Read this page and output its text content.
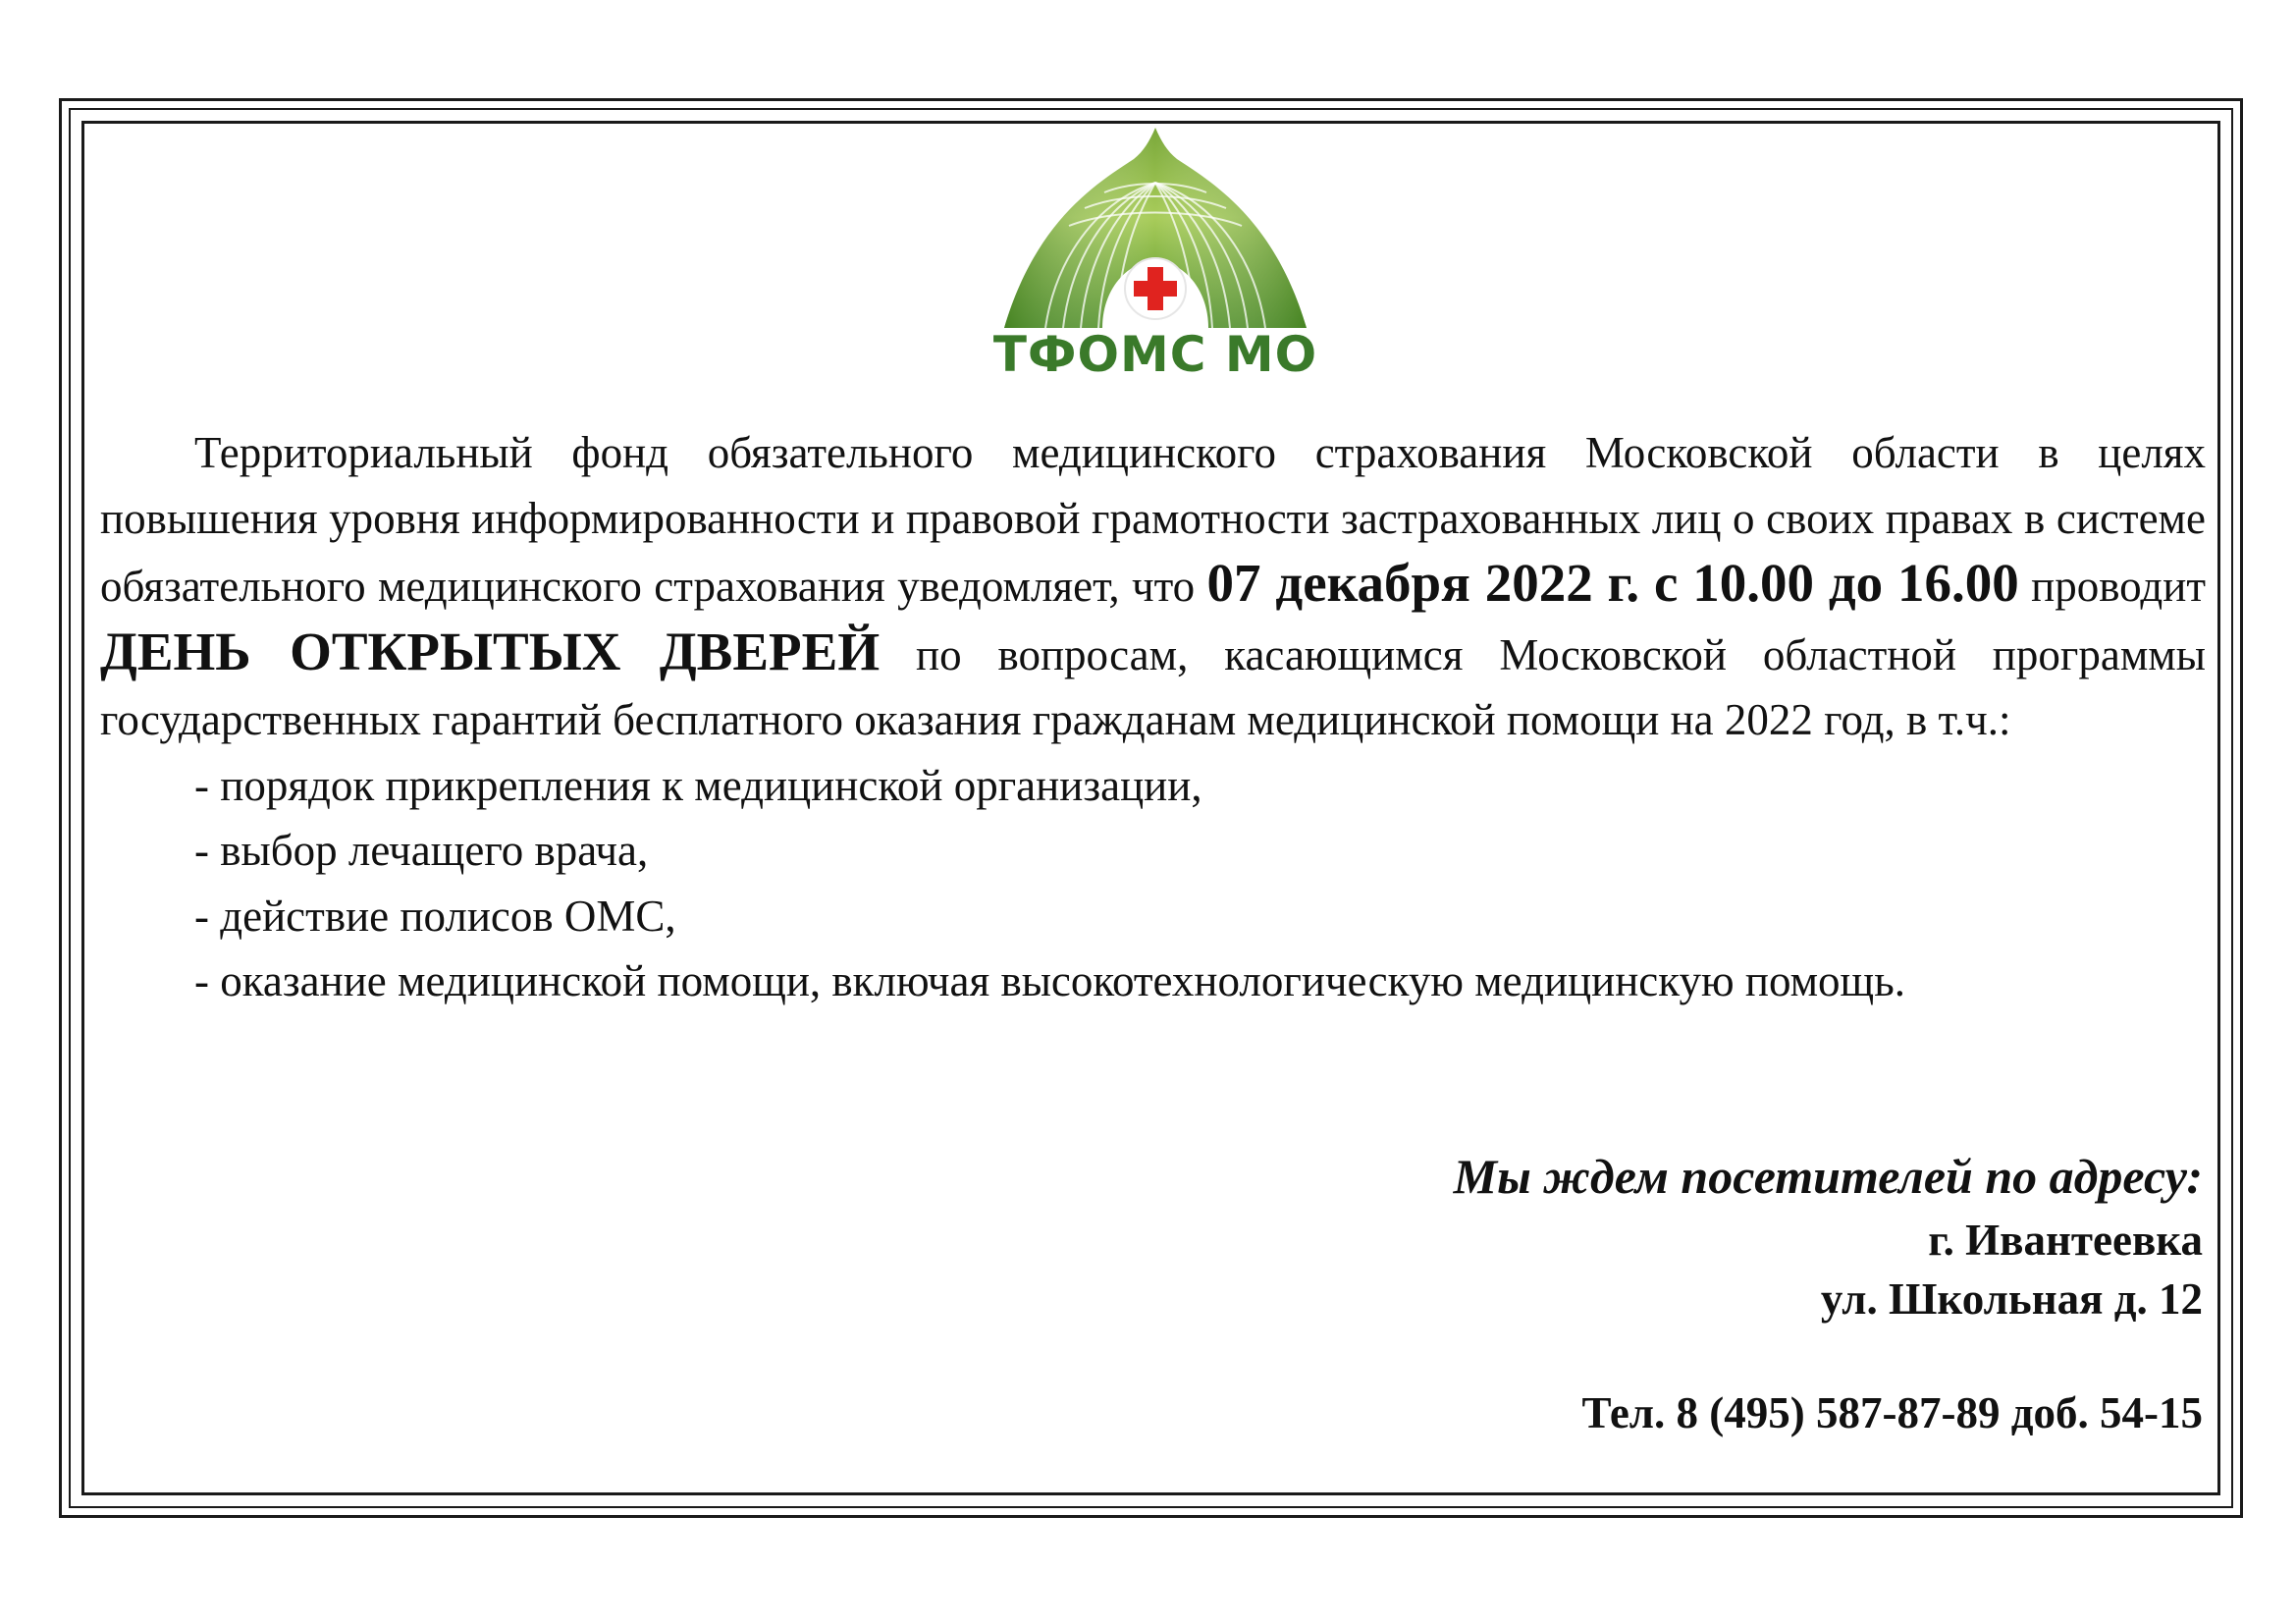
ТФОМС МО

Территориальный фонд обязательного медицинского страхования Московской области в целях повышения уровня информированности и правовой грамотности застрахованных лиц о своих правах в системе обязательного медицинского страхования уведомляет, что 07 декабря 2022 г. с 10.00 до 16.00 проводит ДЕНЬ ОТКРЫТЫХ ДВЕРЕЙ по вопросам, касающимся Московской областной программы государственных гарантий бесплатного оказания гражданам медицинской помощи на 2022 год, в т.ч.:

- порядок прикрепления к медицинской организации,
- выбор лечащего врача,
- действие полисов ОМС,
- оказание медицинской помощи, включая высокотехнологическую медицинскую помощь.
Мы ждем посетителей по адресу:
г. Ивантеевка
ул. Школьная д. 12
Тел. 8 (495) 587-87-89 доб. 54-15
